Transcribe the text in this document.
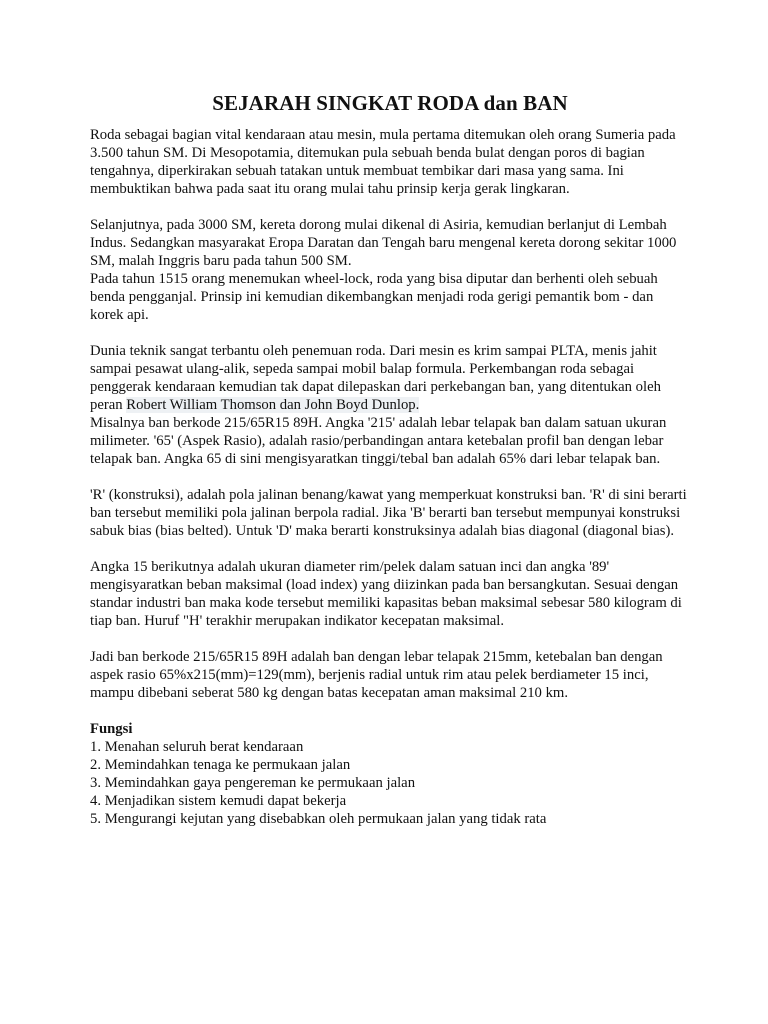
SEJARAH SINGKAT RODA dan BAN

Roda sebagai bagian vital kendaraan atau mesin, mula pertama ditemukan oleh orang Sumeria pada 3.500 tahun SM. Di Mesopotamia, ditemukan pula sebuah benda bulat dengan poros di bagian tengahnya, diperkirakan sebuah tatakan untuk membuat tembikar dari masa yang sama. Ini membuktikan bahwa pada saat itu orang mulai tahu prinsip kerja gerak lingkaran.

Selanjutnya, pada 3000 SM, kereta dorong mulai dikenal di Asiria, kemudian berlanjut di Lembah Indus. Sedangkan masyarakat Eropa Daratan dan Tengah baru mengenal kereta dorong sekitar 1000 SM, malah Inggris baru pada tahun 500 SM.

Pada tahun 1515 orang menemukan wheel-lock, roda yang bisa diputar dan berhenti oleh sebuah benda pengganjal. Prinsip ini kemudian dikembangkan menjadi roda gerigi pemantik bom - dan korek api.

Dunia teknik sangat terbantu oleh penemuan roda. Dari mesin es krim sampai PLTA, menis jahit sampai pesawat ulang-alik, sepeda sampai mobil balap formula. Perkembangan roda sebagai penggerak kendaraan kemudian tak dapat dilepaskan dari perkebangan ban, yang ditentukan oleh peran Robert William Thomson dan John Boyd Dunlop.

Misalnya ban berkode 215/65R15 89H. Angka '215' adalah lebar telapak ban dalam satuan ukuran milimeter. '65' (Aspek Rasio), adalah rasio/perbandingan antara ketebalan profil ban dengan lebar telapak ban. Angka 65 di sini mengisyaratkan tinggi/tebal ban adalah 65% dari lebar telapak ban.

'R' (konstruksi), adalah pola jalinan benang/kawat yang memperkuat konstruksi ban. 'R' di sini berarti ban tersebut memiliki pola jalinan berpola radial. Jika 'B' berarti ban tersebut mempunyai konstruksi sabuk bias (bias belted). Untuk 'D' maka berarti konstruksinya adalah bias diagonal (diagonal bias).

Angka 15 berikutnya adalah ukuran diameter rim/pelek dalam satuan inci dan angka '89' mengisyaratkan beban maksimal (load index) yang diizinkan pada ban bersangkutan. Sesuai dengan standar industri ban maka kode tersebut memiliki kapasitas beban maksimal sebesar 580 kilogram di tiap ban. Huruf "H' terakhir merupakan indikator kecepatan maksimal.

Jadi ban berkode 215/65R15 89H adalah ban dengan lebar telapak 215mm, ketebalan ban dengan aspek rasio 65%x215(mm)=129(mm), berjenis radial untuk rim atau pelek berdiameter 15 inci, mampu dibebani seberat 580 kg dengan batas kecepatan aman maksimal 210 km.

Fungsi

1. Menahan seluruh berat kendaraan
2. Memindahkan tenaga ke permukaan jalan
3. Memindahkan gaya pengereman ke permukaan jalan
4. Menjadikan sistem kemudi dapat bekerja
5. Mengurangi kejutan yang disebabkan oleh permukaan jalan yang tidak rata
